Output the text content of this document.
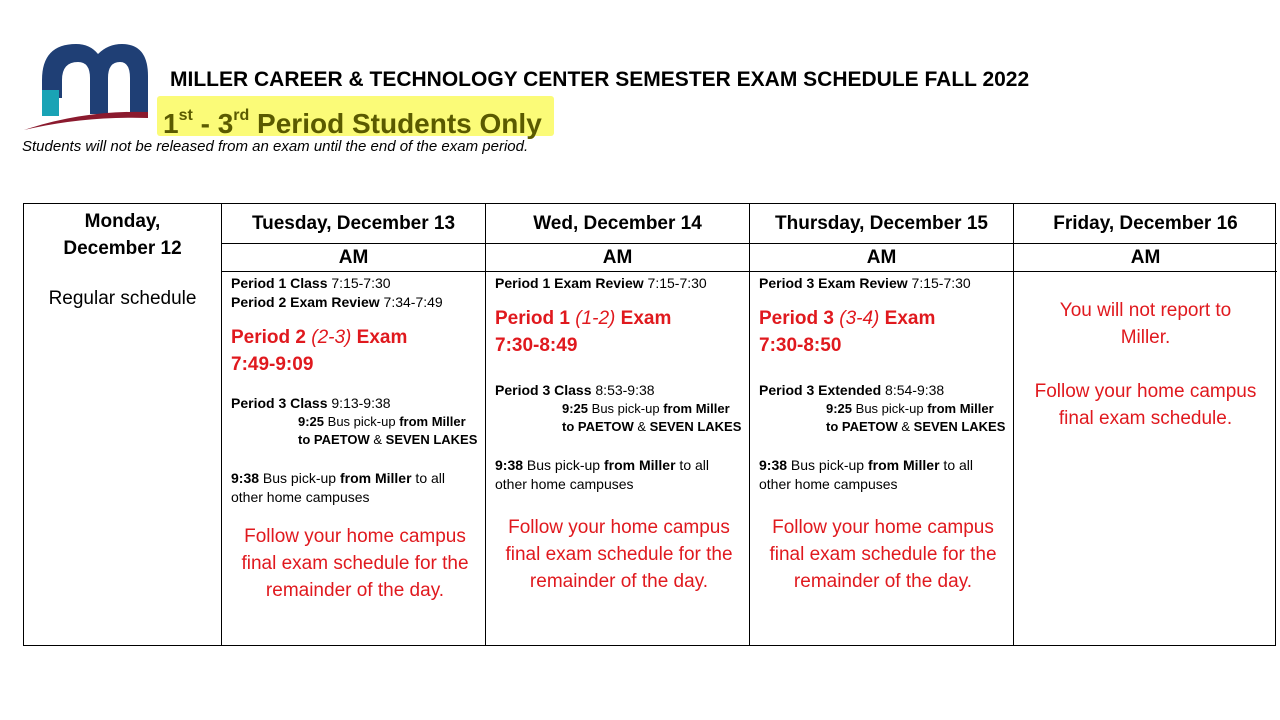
MILLER CAREER & TECHNOLOGY CENTER SEMESTER EXAM SCHEDULE FALL 2022
1st - 3rd Period Students Only
Students will not be released from an exam until the end of the exam period.
Monday, December 12
Regular schedule
Tuesday, December 13
AM
Period 1 Class 7:15-7:30
Period 2 Exam Review 7:34-7:49
Period 2 (2-3) Exam
7:49-9:09
Period 3 Class 9:13-9:38
9:25 Bus pick-up from Miller
to PAETOW & SEVEN LAKES
9:38 Bus pick-up from Miller to all other home campuses
Follow your home campus final exam schedule for the remainder of the day.
Wed, December 14
AM
Period 1 Exam Review 7:15-7:30
Period 1 (1-2) Exam
7:30-8:49
Period 3 Class 8:53-9:38
9:25 Bus pick-up from Miller
to PAETOW & SEVEN LAKES
9:38 Bus pick-up from Miller to all other home campuses
Follow your home campus final exam schedule for the remainder of the day.
Thursday, December 15
AM
Period 3 Exam Review 7:15-7:30
Period 3 (3-4) Exam
7:30-8:50
Period 3 Extended 8:54-9:38
9:25 Bus pick-up from Miller
to PAETOW & SEVEN LAKES
9:38 Bus pick-up from Miller to all other home campuses
Follow your home campus final exam schedule for the remainder of the day.
Friday, December 16
AM
You will not report to Miller.
Follow your home campus final exam schedule.
